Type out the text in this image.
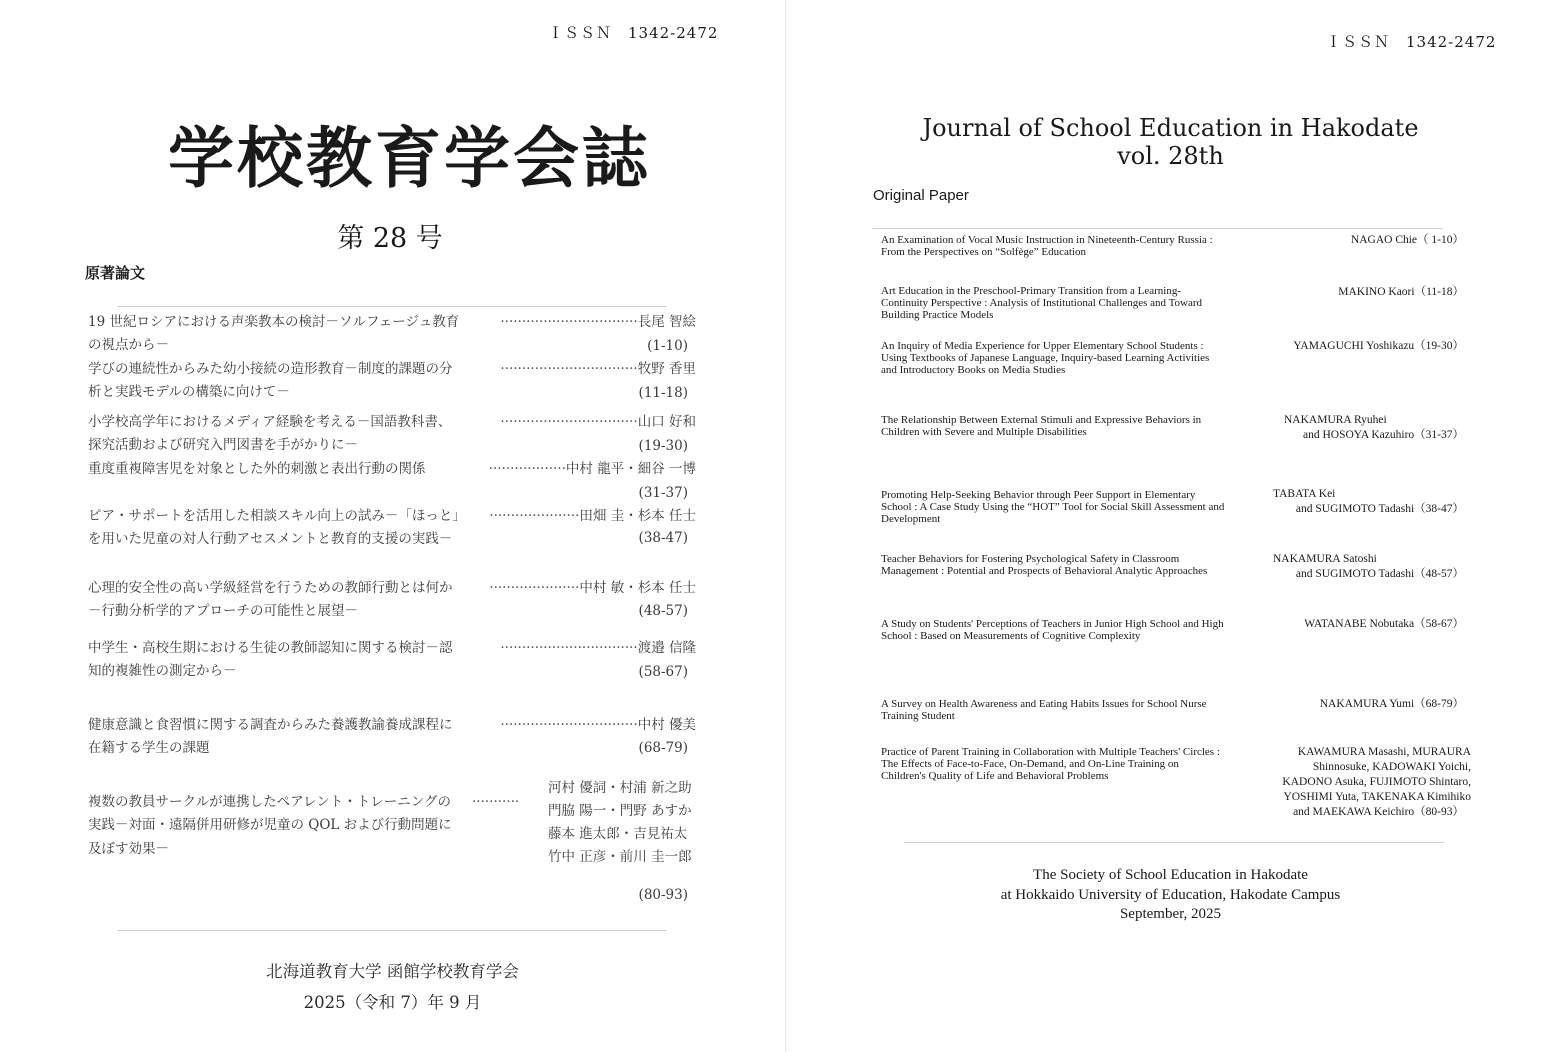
ＩＳＳＮ　1342-2472
学校教育学会誌
第 28 号
原著論文
19 世紀ロシアにおける声楽教本の検討－ソルフェージュ教育の視点から－
································長尾 智絵
(1-10)
学びの連続性からみた幼小接続の造形教育－制度的課題の分析と実践モデルの構築に向けて－
································牧野 香里
(11-18)
小学校高学年におけるメディア経験を考える－国語教科書、探究活動および研究入門図書を手がかりに－
································山口 好和
(19-30)
重度重複障害児を対象とした外的刺激と表出行動の関係	··················中村 龍平・細谷 一博
(31-37)
ピア・サポートを活用した相談スキル向上の試み－「ほっと」を用いた児童の対人行動アセスメントと教育的支援の実践－
·····················田畑 圭・杉本 任士
(38-47)
心理的安全性の高い学級経営を行うための教師行動とは何か－行動分析学的アプローチの可能性と展望－
·····················中村 敏・杉本 任士
(48-57)
中学生・高校生期における生徒の教師認知に関する検討－認知的複雑性の測定から－
································渡邉 信隆
(58-67)
健康意識と食習慣に関する調査からみた養護教諭養成課程に在籍する学生の課題
································中村 優美
(68-79)
複数の教員サークルが連携したペアレント・トレーニングの実践－対面・遠隔併用研修が児童の QOL および行動問題に及ぼす効果－
···········
河村 優詞・村浦 新之助
門脇 陽一・門野 あすか
藤本 進太郎・吉見祐太
竹中 正彦・前川 圭一郎
(80-93)
北海道教育大学 函館学校教育学会
2025（令和 7）年 9 月
ＩＳＳＮ　1342-2472
Journal of School Education in Hakodate
vol. 28th
Original Paper
An Examination of Vocal Music Instruction in Nineteenth-Century Russia : From the Perspectives on “Solfège” Education
NAGAO Chie（ 1-10）
Art Education in the Preschool-Primary Transition from a Learning-Continuity Perspective : Analysis of Institutional Challenges and Toward Building Practice Models
MAKINO Kaori（11-18）
An Inquiry of Media Experience for Upper Elementary School Students : Using Textbooks of Japanese Language, Inquiry-based Learning Activities and Introductory Books on Media Studies
YAMAGUCHI Yoshikazu（19-30）
The Relationship Between External Stimuli and Expressive Behaviors in Children with Severe and Multiple Disabilities
NAKAMURA Ryuhei
and HOSOYA Kazuhiro（31-37）
Promoting Help-Seeking Behavior through Peer Support in Elementary School : A Case Study Using the “HOT” Tool for Social Skill Assessment and Development
TABATA Kei
and SUGIMOTO Tadashi（38-47）
Teacher Behaviors for Fostering Psychological Safety in Classroom Management : Potential and Prospects of Behavioral Analytic Approaches
NAKAMURA Satoshi
and SUGIMOTO Tadashi（48-57）
A Study on Students' Perceptions of Teachers in Junior High School and High School : Based on Measurements of Cognitive Complexity
WATANABE Nobutaka（58-67）
A Survey on Health Awareness and Eating Habits Issues for School Nurse Training Student
NAKAMURA Yumi（68-79）
Practice of Parent Training in Collaboration with Multiple Teachers' Circles : The Effects of Face-to-Face, On-Demand, and On-Line Training on Children's Quality of Life and Behavioral Problems
KAWAMURA Masashi, MURAURA
Shinnosuke, KADOWAKI Yoichi,
KADONO Asuka, FUJIMOTO Shintaro,
YOSHIMI Yuta, TAKENAKA Kimihiko
and MAEKAWA Keichiro（80-93）
The Society of School Education in Hakodate
at Hokkaido University of Education, Hakodate Campus
September, 2025
